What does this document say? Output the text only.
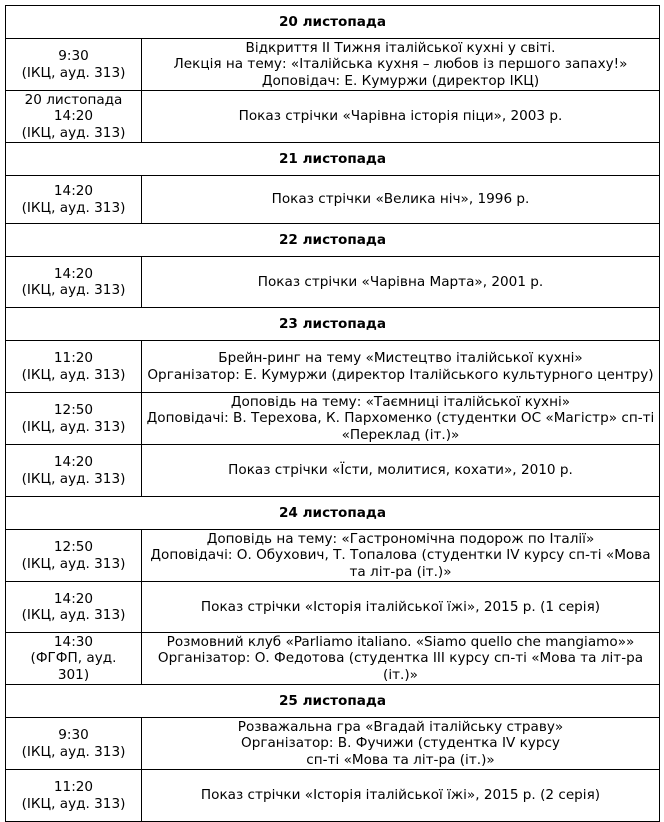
20 листопада	

9:30
(ІКЦ, ауд. 313)	Відкриття ІІ Тижня італійської кухні у світі.
Лекція на тему: «Італійська кухня – любов із першого запаху!»
Доповідач: Е. Кумуржи (директор ІКЦ)

20 листопада
14:20
(ІКЦ, ауд. 313)	Показ стрічки «Чарівна історія піци», 2003 р.

21 листопада	

14:20
(ІКЦ, ауд. 313)	Показ стрічки «Велика ніч», 1996 р.

22 листопада	

14:20
(ІКЦ, ауд. 313)	Показ стрічки «Чарівна Марта», 2001 р.

23 листопада	

11:20
(ІКЦ, ауд. 313)	Брейн-ринг на тему «Мистецтво італійської кухні»
Організатор: Е. Кумуржи (директор Італійського культурного центру)

12:50
(ІКЦ, ауд. 313)	Доповідь на тему: «Таємниці італійської кухні»
Доповідачі: В. Терехова, К. Пархоменко (студентки ОС «Магістр» сп-ті «Переклад (іт.)»

14:20
(ІКЦ, ауд. 313)	Показ стрічки «Їсти, молитися, кохати», 2010 р.

24 листопада	

12:50
(ІКЦ, ауд. 313)	Доповідь на тему: «Гастрономічна подорож по Італії»
Доповідачі: О. Обухович, Т. Топалова (студентки IV курсу сп-ті «Мова та літ-ра (іт.)»

14:20
(ІКЦ, ауд. 313)	Показ стрічки «Історія італійської їжі», 2015 р. (1 серія)

14:30
(ФГФП, ауд.
301)	Розмовний клуб «Parliamo italiano. «Siamo quello che mangiamo»»
Організатор: О. Федотова (студентка ІІІ курсу сп-ті «Мова та літ-ра (іт.)»

25 листопада	

9:30
(ІКЦ, ауд. 313)	Розважальна гра «Вгадай італійську страву»
Організатор: В. Фучижи (студентка IV курсу
сп-ті «Мова та літ-ра (іт.)»

11:20
(ІКЦ, ауд. 313)	Показ стрічки «Історія італійської їжі», 2015 р. (2 серія)
